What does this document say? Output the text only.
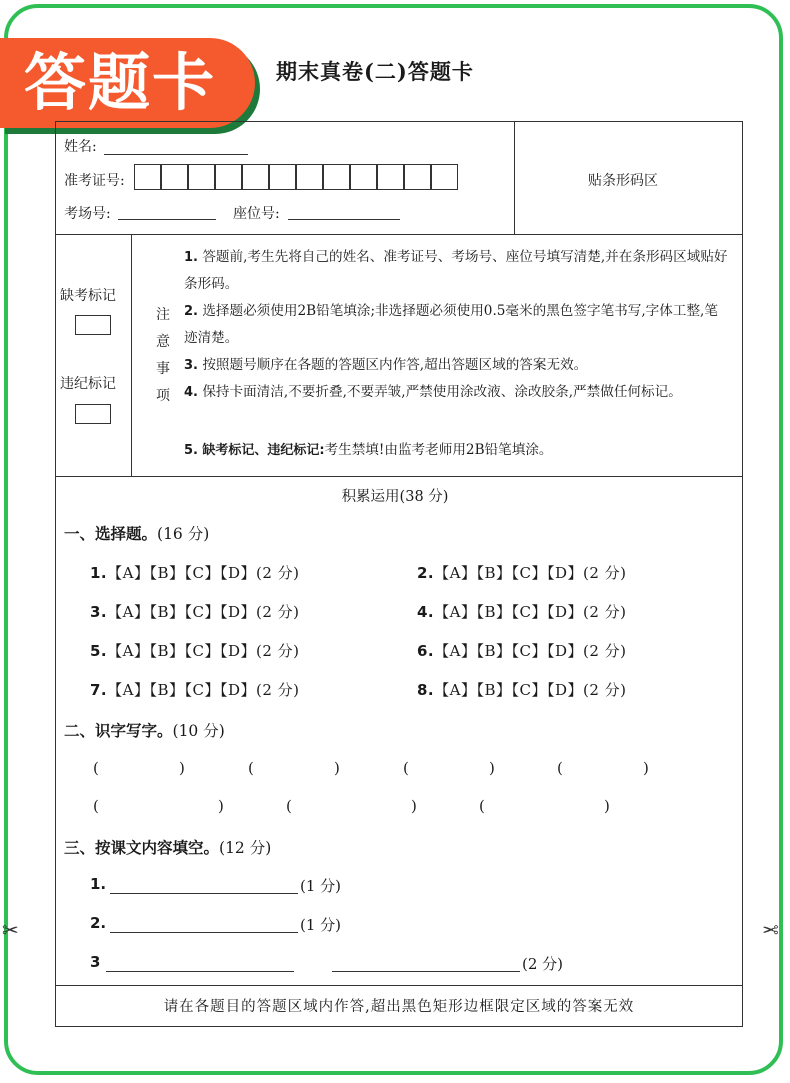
答题卡	期末真卷(二)答题卡
姓名:
准考证号:
考场号:	座位号:
贴条形码区
缺考标记
违纪标记
注
意
事
项
1. 答题前,考生先将自己的姓名、准考证号、考场号、座位号填写清楚,并在条形码区域贴好条形码。
2. 选择题必须使用2B铅笔填涂;非选择题必须使用0.5毫米的黑色签字笔书写,字体工整,笔迹清楚。
3. 按照题号顺序在各题的答题区内作答,超出答题区域的答案无效。
4. 保持卡面清洁,不要折叠,不要弄皱,严禁使用涂改液、涂改胶条,严禁做任何标记。
5. 缺考标记、违纪标记:考生禁填!由监考老师用2B铅笔填涂。
积累运用(38 分)
一、选择题。(16 分)
1.【A】【B】【C】【D】(2 分)	2.【A】【B】【C】【D】(2 分)
3.【A】【B】【C】【D】(2 分)	4.【A】【B】【C】【D】(2 分)
5.【A】【B】【C】【D】(2 分)	6.【A】【B】【C】【D】(2 分)
7.【A】【B】【C】【D】(2 分)	8.【A】【B】【C】【D】(2 分)
二、识字写字。(10 分)
(	)	(	)	(	)	(	)
(	)	(	)	(	)
三、按课文内容填空。(12 分)
1.	(1 分)
2.	(1 分)
3	(2 分)
请在各题目的答题区域内作答,超出黑色矩形边框限定区域的答案无效
✂	✂
